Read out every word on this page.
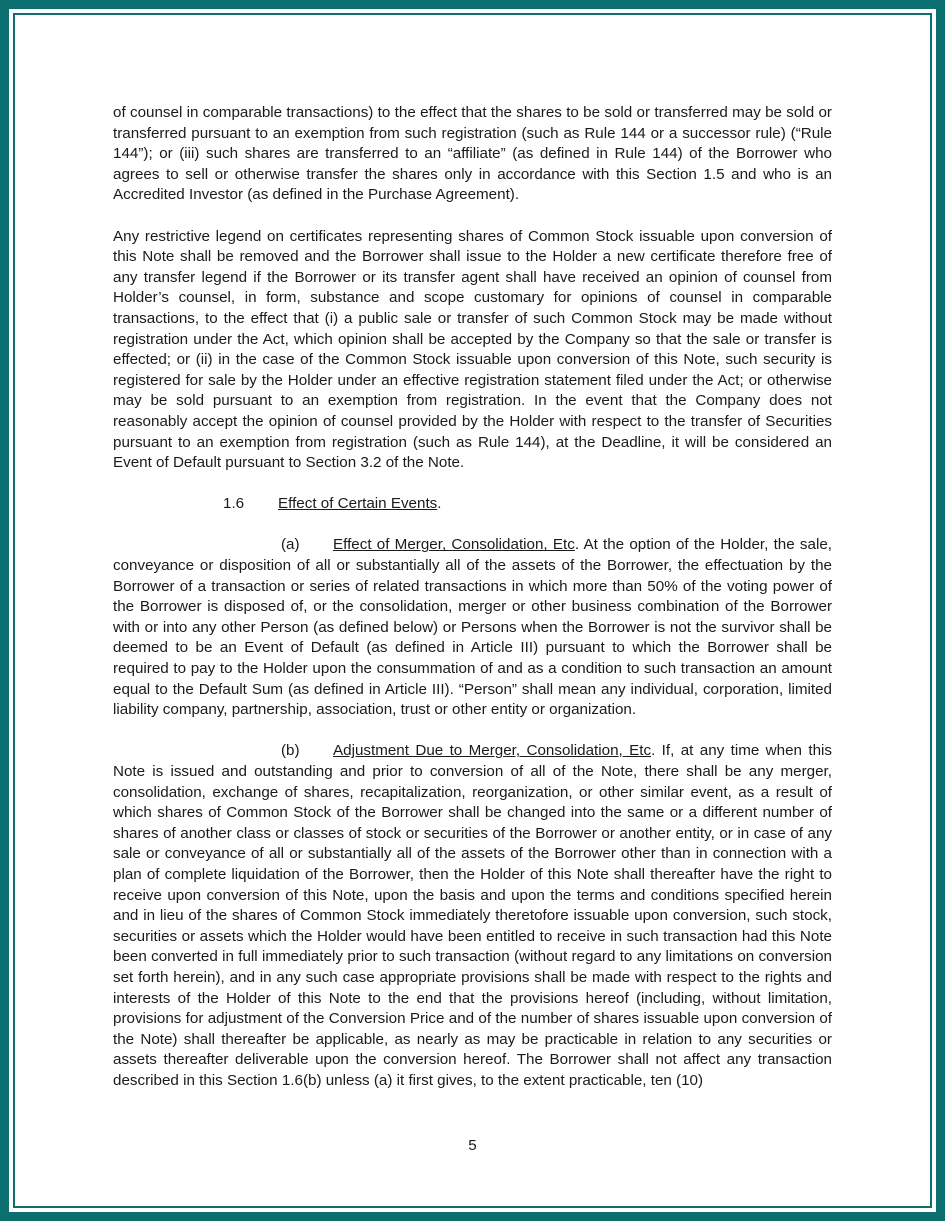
of counsel in comparable transactions) to the effect that the shares to be sold or transferred may be sold or transferred pursuant to an exemption from such registration (such as Rule 144 or a successor rule) (“Rule 144”); or (iii) such shares are transferred to an “affiliate” (as defined in Rule 144) of the Borrower who agrees to sell or otherwise transfer the shares only in accordance with this Section 1.5 and who is an Accredited Investor (as defined in the Purchase Agreement).

Any restrictive legend on certificates representing shares of Common Stock issuable upon conversion of this Note shall be removed and the Borrower shall issue to the Holder a new certificate therefore free of any transfer legend if the Borrower or its transfer agent shall have received an opinion of counsel from Holder’s counsel, in form, substance and scope customary for opinions of counsel in comparable transactions, to the effect that (i) a public sale or transfer of such Common Stock may be made without registration under the Act, which opinion shall be accepted by the Company so that the sale or transfer is effected; or (ii) in the case of the Common Stock issuable upon conversion of this Note, such security is registered for sale by the Holder under an effective registration statement filed under the Act; or otherwise may be sold pursuant to an exemption from registration. In the event that the Company does not reasonably accept the opinion of counsel provided by the Holder with respect to the transfer of Securities pursuant to an exemption from registration (such as Rule 144), at the Deadline, it will be considered an Event of Default pursuant to Section 3.2 of the Note.

1.6 Effect of Certain Events.

(a) Effect of Merger, Consolidation, Etc. At the option of the Holder, the sale, conveyance or disposition of all or substantially all of the assets of the Borrower, the effectuation by the Borrower of a transaction or series of related transactions in which more than 50% of the voting power of the Borrower is disposed of, or the consolidation, merger or other business combination of the Borrower with or into any other Person (as defined below) or Persons when the Borrower is not the survivor shall be deemed to be an Event of Default (as defined in Article III) pursuant to which the Borrower shall be required to pay to the Holder upon the consummation of and as a condition to such transaction an amount equal to the Default Sum (as defined in Article III). “Person” shall mean any individual, corporation, limited liability company, partnership, association, trust or other entity or organization.

(b) Adjustment Due to Merger, Consolidation, Etc. If, at any time when this Note is issued and outstanding and prior to conversion of all of the Note, there shall be any merger, consolidation, exchange of shares, recapitalization, reorganization, or other similar event, as a result of which shares of Common Stock of the Borrower shall be changed into the same or a different number of shares of another class or classes of stock or securities of the Borrower or another entity, or in case of any sale or conveyance of all or substantially all of the assets of the Borrower other than in connection with a plan of complete liquidation of the Borrower, then the Holder of this Note shall thereafter have the right to receive upon conversion of this Note, upon the basis and upon the terms and conditions specified herein and in lieu of the shares of Common Stock immediately theretofore issuable upon conversion, such stock, securities or assets which the Holder would have been entitled to receive in such transaction had this Note been converted in full immediately prior to such transaction (without regard to any limitations on conversion set forth herein), and in any such case appropriate provisions shall be made with respect to the rights and interests of the Holder of this Note to the end that the provisions hereof (including, without limitation, provisions for adjustment of the Conversion Price and of the number of shares issuable upon conversion of the Note) shall thereafter be applicable, as nearly as may be practicable in relation to any securities or assets thereafter deliverable upon the conversion hereof. The Borrower shall not affect any transaction described in this Section 1.6(b) unless (a) it first gives, to the extent practicable, ten (10)

5
